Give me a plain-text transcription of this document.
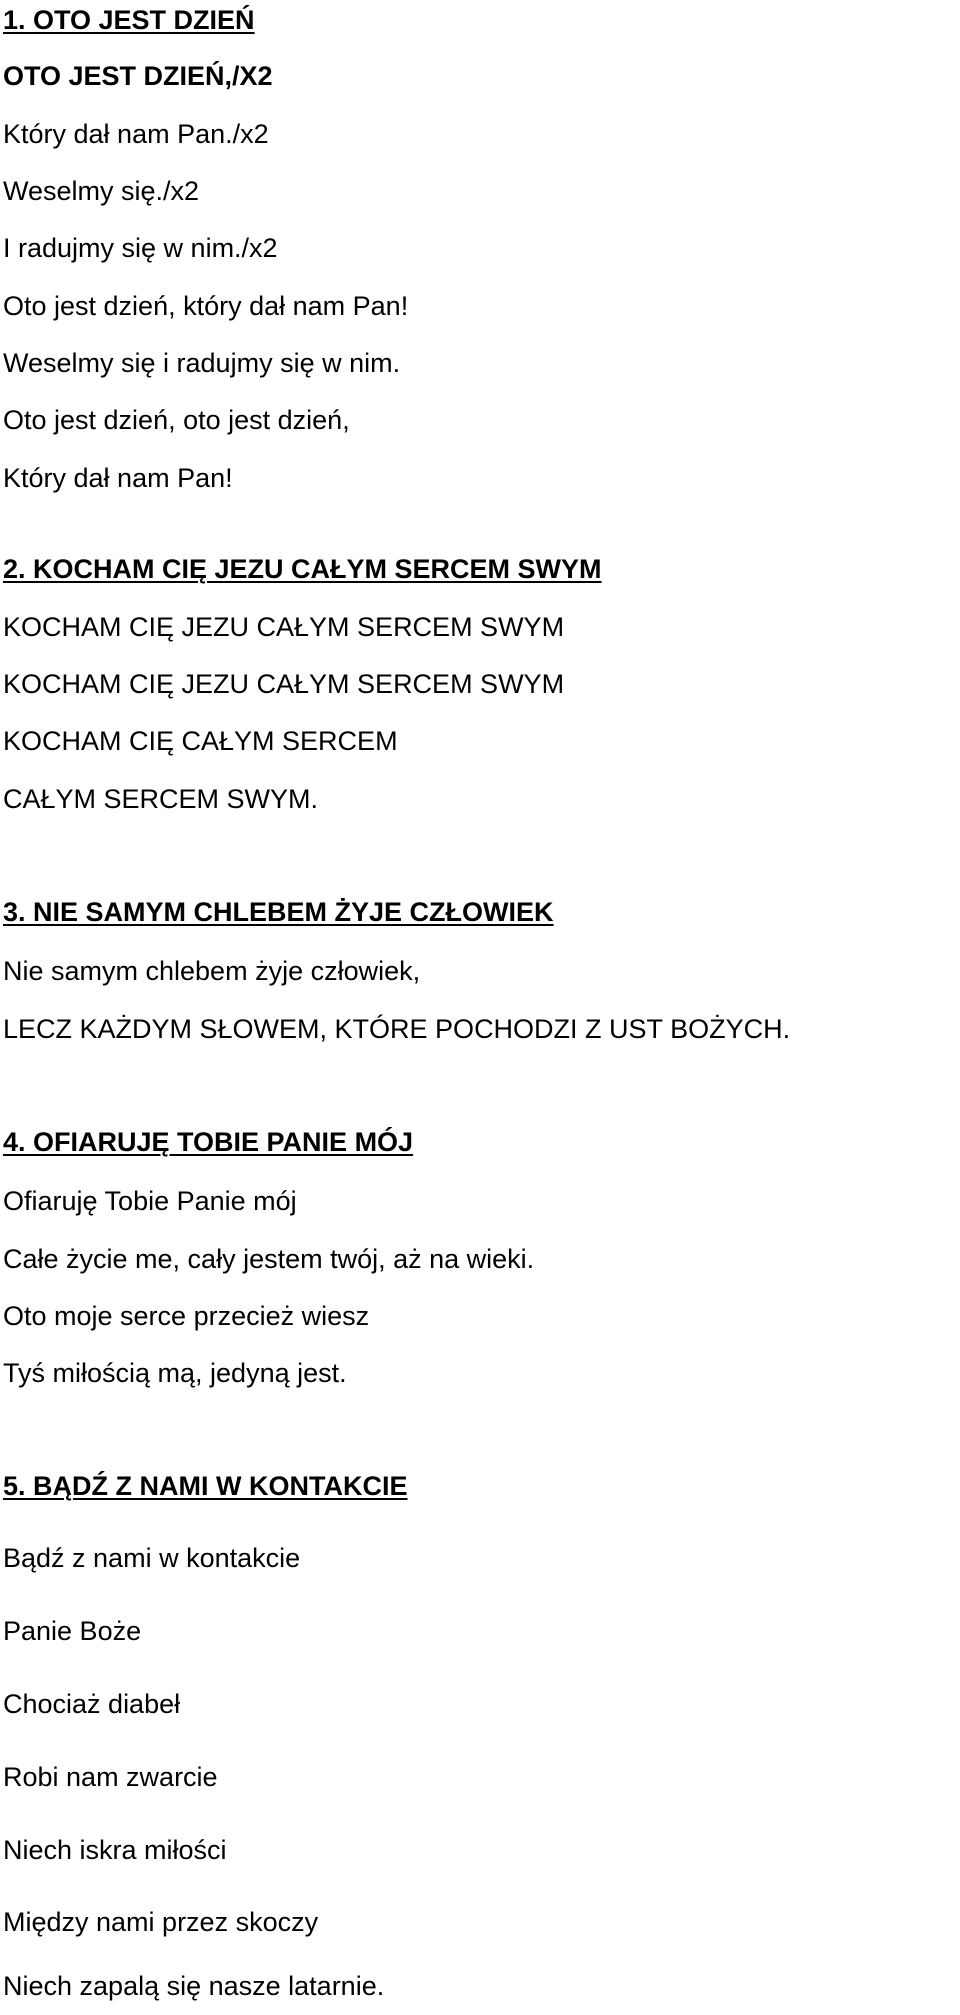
1. OTO JEST DZIEŃ
OTO JEST DZIEŃ,/X2
Który dał nam Pan./x2
Weselmy się./x2
I radujmy się w nim./x2
Oto jest dzień, który dał nam Pan!
Weselmy się i radujmy się w nim.
Oto jest dzień, oto jest dzień,
Który dał nam Pan!
2. KOCHAM CIĘ JEZU CAŁYM SERCEM SWYM
KOCHAM CIĘ JEZU CAŁYM SERCEM SWYM
KOCHAM CIĘ JEZU CAŁYM SERCEM SWYM
KOCHAM CIĘ CAŁYM SERCEM
CAŁYM SERCEM SWYM.
3. NIE SAMYM CHLEBEM ŻYJE CZŁOWIEK
Nie samym chlebem żyje człowiek,
LECZ KAŻDYM SŁOWEM, KTÓRE POCHODZI Z UST BOŻYCH.
4. OFIARUJĘ TOBIE PANIE MÓJ
Ofiaruję Tobie Panie mój
Całe życie me, cały jestem twój, aż na wieki.
Oto moje serce przecież wiesz
Tyś miłością mą, jedyną jest.
5. BĄDŹ Z NAMI W KONTAKCIE
Bądź z nami w kontakcie
Panie Boże
Chociaż diabeł
Robi nam zwarcie
Niech iskra miłości
Między nami przez skoczy
Niech zapalą się nasze latarnie.
